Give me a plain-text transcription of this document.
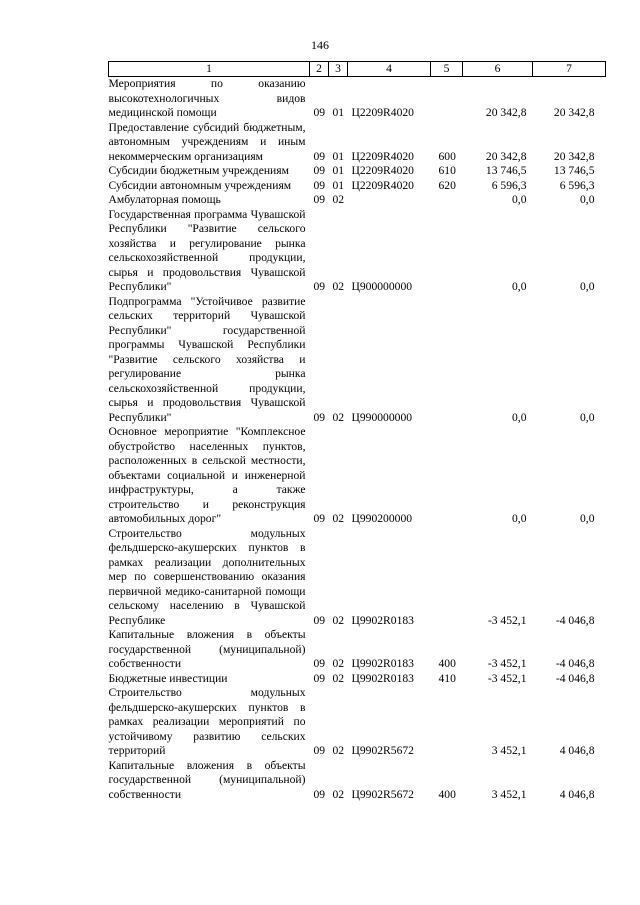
146
1	2	3	4	5	6	7
Мероприятия по оказанию высокотехнологичных видов медицинской помощи	09	01	Ц2209R4020		20 342,8	20 342,8
Предоставление субсидий бюджетным, автономным учреждениям и иным некоммерческим организациям	09	01	Ц2209R4020	600	20 342,8	20 342,8
Субсидии бюджетным учреждениям	09	01	Ц2209R4020	610	13 746,5	13 746,5
Субсидии автономным учреждениям	09	01	Ц2209R4020	620	6 596,3	6 596,3
Амбулаторная помощь	09	02			0,0	0,0
Государственная программа Чувашской Республики "Развитие сельского хозяйства и регулирование рынка сельскохозяйственной продукции, сырья и продовольствия Чувашской Республики"	09	02	Ц900000000		0,0	0,0
Подпрограмма "Устойчивое развитие сельских территорий Чувашской Республики" государственной программы Чувашской Республики "Развитие сельского хозяйства и регулирование рынка сельскохозяйственной продукции, сырья и продовольствия Чувашской Республики"	09	02	Ц990000000		0,0	0,0
Основное мероприятие "Комплексное обустройство населенных пунктов, расположенных в сельской местности, объектами социальной и инженерной инфраструктуры, а также строительство и реконструкция автомобильных дорог"	09	02	Ц990200000		0,0	0,0
Строительство модульных фельдшерско-акушерских пунктов в рамках реализации дополнительных мер по совершенствованию оказания первичной медико-санитарной помощи сельскому населению в Чувашской Республике	09	02	Ц9902R0183		-3 452,1	-4 046,8
Капитальные вложения в объекты государственной (муниципальной) собственности	09	02	Ц9902R0183	400	-3 452,1	-4 046,8
Бюджетные инвестиции	09	02	Ц9902R0183	410	-3 452,1	-4 046,8
Строительство модульных фельдшерско-акушерских пунктов в рамках реализации мероприятий по устойчивому развитию сельских территорий	09	02	Ц9902R5672		3 452,1	4 046,8
Капитальные вложения в объекты государственной (муниципальной) собственности	09	02	Ц9902R5672	400	3 452,1	4 046,8
